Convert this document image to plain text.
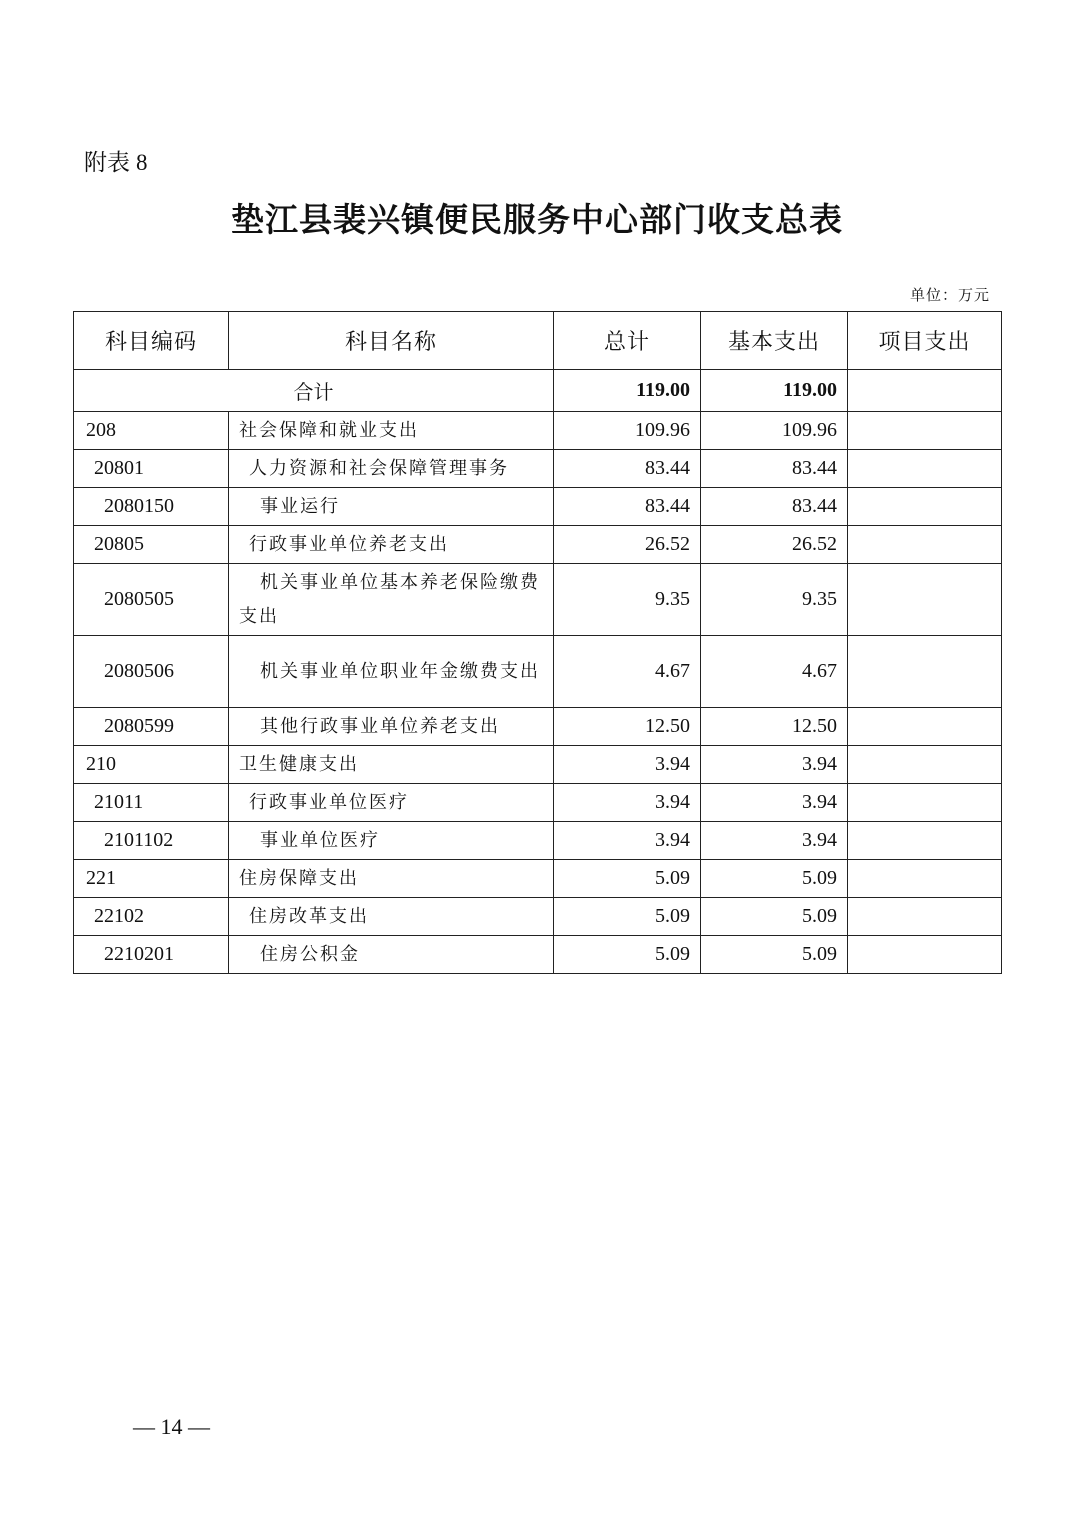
附表 8
垫江县裴兴镇便民服务中心部门收支总表
单位：万元
科目编码	科目名称	总计	基本支出	项目支出
合计		119.00	119.00	
208	社会保障和就业支出	109.96	109.96	
20801	人力资源和社会保障管理事务	83.44	83.44	
2080150	事业运行	83.44	83.44	
20805	行政事业单位养老支出	26.52	26.52	
2080505	机关事业单位基本养老保险缴费支出	9.35	9.35	
2080506	机关事业单位职业年金缴费支出	4.67	4.67	
2080599	其他行政事业单位养老支出	12.50	12.50	
210	卫生健康支出	3.94	3.94	
21011	行政事业单位医疗	3.94	3.94	
2101102	事业单位医疗	3.94	3.94	
221	住房保障支出	5.09	5.09	
22102	住房改革支出	5.09	5.09	
2210201	住房公积金	5.09	5.09	
— 14 —
